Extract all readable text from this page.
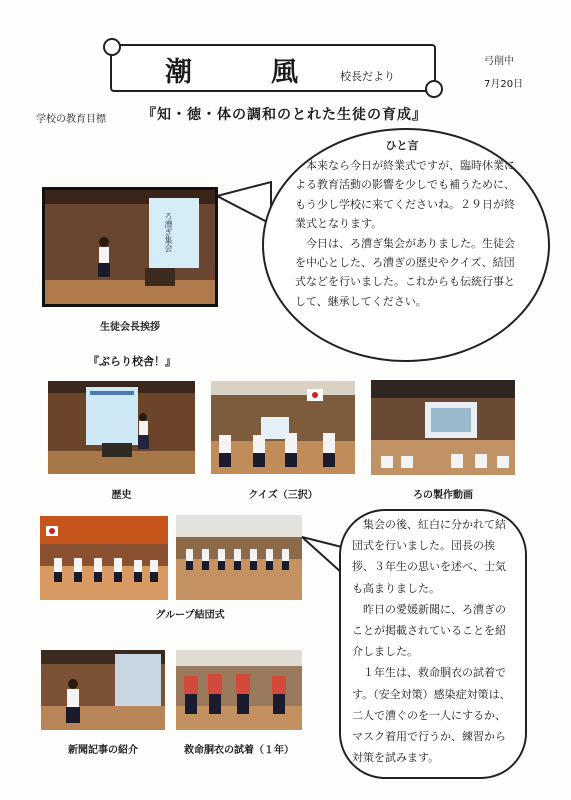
潮　風 校長だより
弓削中
7月20日
学校の教育目標	『知・徳・体の調和のとれた生徒の育成』
ひと言

本来なら今日が終業式ですが、臨時休業による教育活動の影響を少しでも補うために、もう少し学校に来てくださいね。２９日が終業式となります。

今日は、ろ漕ぎ集会がありました。生徒会を中心とした、ろ漕ぎの歴史やクイズ、結団式などを行いました。これからも伝統行事として、継承してください。

ろ漕ぎ集会
生徒会長挨拶
『ぶらり校舎！』
歴史	クイズ（三択）	ろの製作動画
グループ結団式
新聞記事の紹介	救命胴衣の試着（１年）

集会の後、紅白に分かれて結団式を行いました。団長の挨拶、３年生の思いを述べ、士気も高まりました。

昨日の愛媛新聞に、ろ漕ぎのことが掲載されていることを紹介しました。

１年生は、救命胴衣の試着です。（安全対策）感染症対策は、二人で漕ぐのを一人にするか、マスク着用で行うか、練習から対策を試みます。
